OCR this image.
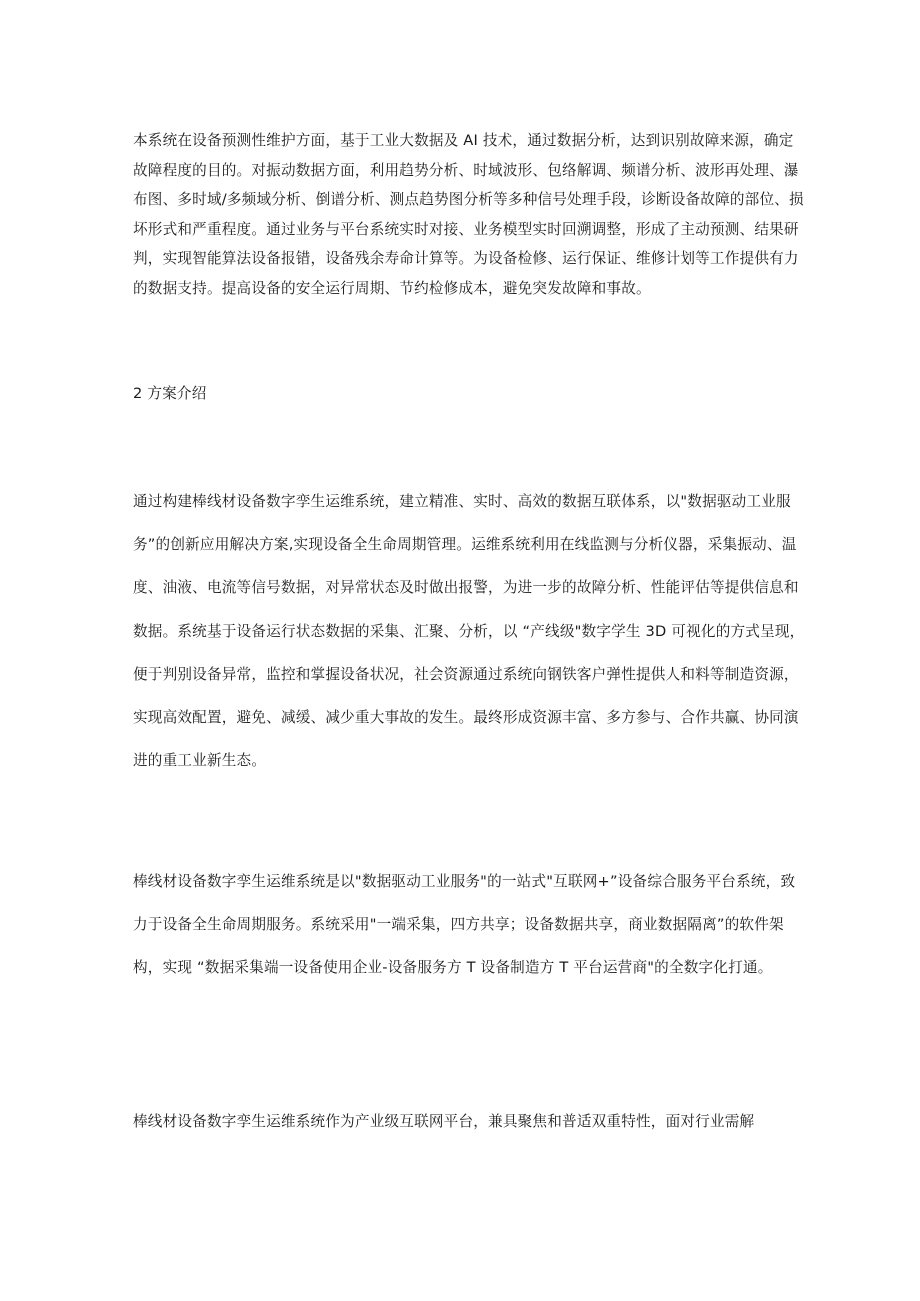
本系统在设备预测性维护方面，基于工业大数据及 AI 技术，通过数据分析，达到识别故障来源，确定故障程度的目的。对振动数据方面，利用趋势分析、时域波形、包络解调、频谱分析、波形再处理、瀑布图、多时域/多频域分析、倒谱分析、测点趋势图分析等多种信号处理手段，诊断设备故障的部位、损坏形式和严重程度。通过业务与平台系统实时对接、业务模型实时回溯调整，形成了主动预测、结果研判，实现智能算法设备报错，设备残余寿命计算等。为设备检修、运行保证、维修计划等工作提供有力的数据支持。提高设备的安全运行周期、节约检修成本，避免突发故障和事故。

2 方案介绍

通过构建棒线材设备数字孪生运维系统，建立精准、实时、高效的数据互联体系，以"数据驱动工业服务”的创新应用解决方案,实现设备全生命周期管理。运维系统利用在线监测与分析仪器，采集振动、温度、油液、电流等信号数据，对异常状态及时做出报警，为进一步的故障分析、性能评估等提供信息和数据。系统基于设备运行状态数据的采集、汇聚、分析，以 “产线级"数字学生 3D 可视化的方式呈现，便于判别设备异常，监控和掌握设备状况，社会资源通过系统向钢铁客户弹性提供人和料等制造资源，实现高效配置，避免、减缓、减少重大事故的发生。最终形成资源丰富、多方参与、合作共赢、协同演进的重工业新生态。

棒线材设备数字孪生运维系统是以"数据驱动工业服务"的一站式"互联网+”设备综合服务平台系统，致力于设备全生命周期服务。系统采用"一端采集，四方共享；设备数据共享，商业数据隔离”的软件架构，实现 “数据采集端一设备使用企业-设备服务方 T 设备制造方 T 平台运营商"的全数字化打通。

棒线材设备数字孪生运维系统作为产业级互联网平台，兼具聚焦和普适双重特性，面对行业需解
